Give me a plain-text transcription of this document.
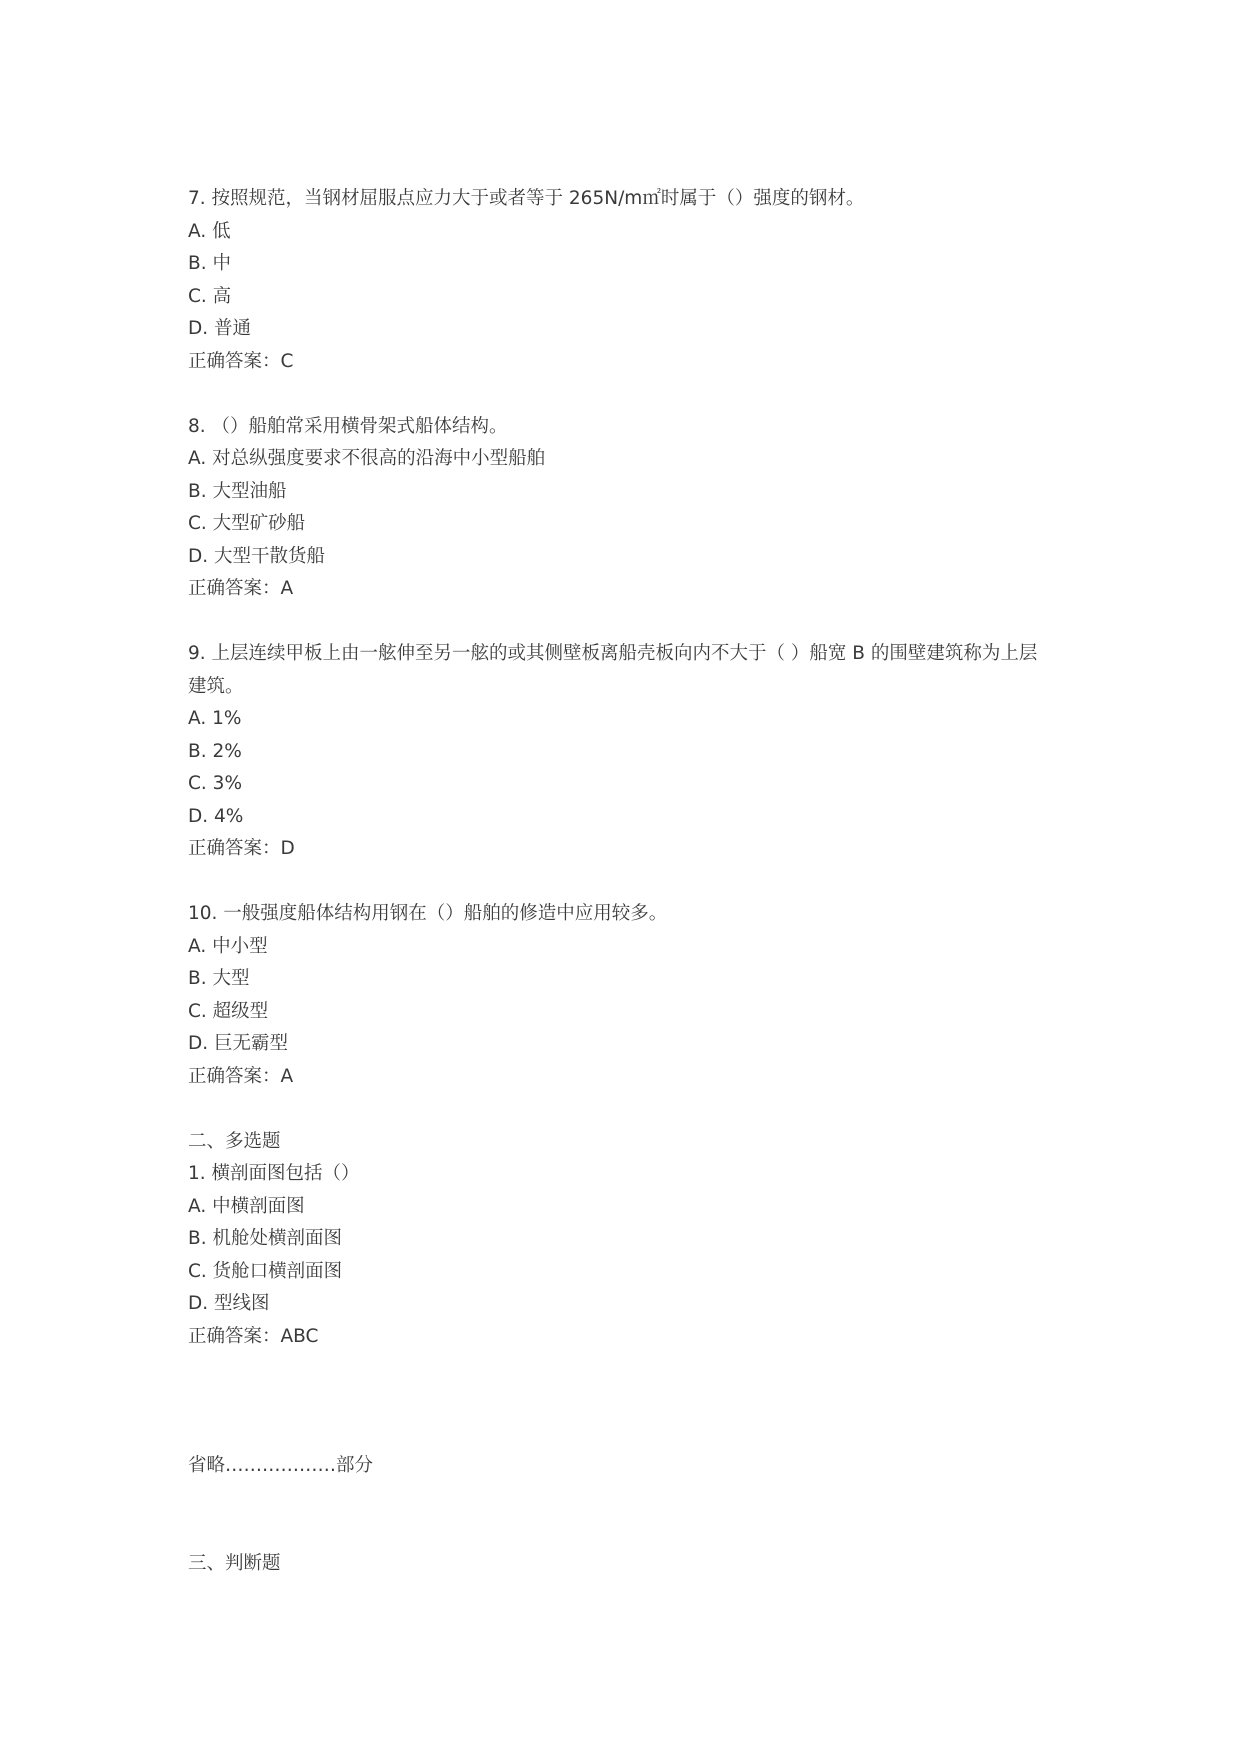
7. 按照规范，当钢材屈服点应力大于或者等于 265N/m㎡时属于（）强度的钢材。
A. 低
B. 中
C. 高
D. 普通
正确答案：C
8. （）船舶常采用横骨架式船体结构。
A. 对总纵强度要求不很高的沿海中小型船舶
B. 大型油船
C. 大型矿砂船
D. 大型干散货船
正确答案：A
9. 上层连续甲板上由一舷伸至另一舷的或其侧壁板离船壳板向内不大于（ ）船宽 B 的围壁建筑称为上层
建筑。
A. 1%
B. 2%
C. 3%
D. 4%
正确答案：D
10. 一般强度船体结构用钢在（）船舶的修造中应用较多。
A. 中小型
B. 大型
C. 超级型
D. 巨无霸型
正确答案：A
二、多选题
1. 横剖面图包括（）
A. 中横剖面图
B. 机舱处横剖面图
C. 货舱口横剖面图
D. 型线图
正确答案：ABC
省略………………部分
三、判断题
